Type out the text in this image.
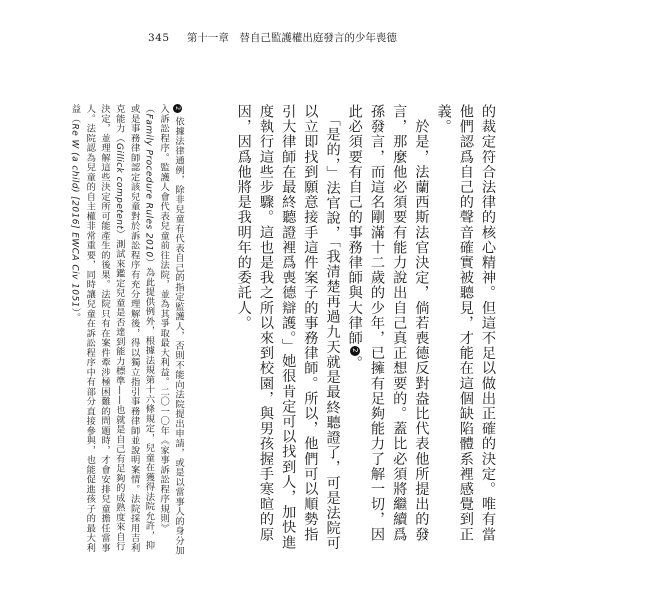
345 第十一章　替自己監護權出庭發言的少年喪德

的裁定符合法律的核心精神。但這不足以做出正確的決定。唯有當他們認爲自己的聲音確實被聽見，才能在這個缺陷體系裡感覺到正義。

　於是，法蘭西斯法官決定，倘若喪德反對盎比代表他所提出的發言，那麼他必須要有能力說出自己真正想要的。蓋比必須將繼續爲孫發言，而這名剛滿十二歲的少年，已擁有足夠能力了解一切，因此必須要有自己的事務律師與大律師2。

　「是的，」法官說，「我清楚再過九天就是最終聽證了，可是法院可以立即找到願意接手這件案子的事務律師。所以，他們可以順勢指引大律師在最終聽證裡爲喪德辯護。」她很肯定可以找到人，加快進度執行這些步驟。這也是我之所以來到校園，與男孩握手寒暄的原因，因爲他將是我明年的委託人。

2 依據法律通例，除非兒童有代表自己的指定監護人，否則不能向法院提出申請，或是以當事人的身分加入訴訟程序。監護人會代表兒童前往法院，並為其爭取最大利益。二〇一〇年《家事訴訟程序規則》（Family Procedure Rules 2010）為此提供例外，根據法規第十六條規定，兒童在獲得法院允許，抑或是事務律師認定該兒童對於訴訟程序有充分理解後，得以獨立指引事務律師並說明案情。法院採用吉利克能力（Gillick competent）測試來鑑定兒童是否達到能力標準——也就是自己有足夠的成熟度來自行決定，並理解這些決定所可能產生的後果。法院只有在案件牽涉極困難的問題時，才會安排兒童擔任當事人。法院認為兒童的自主權非常重要，同時讓兒童在訴訟程序中有部分直接參與，也能促進孩子的最大利益（Re W (a child) [2016] EWCA Civ 1051）。
